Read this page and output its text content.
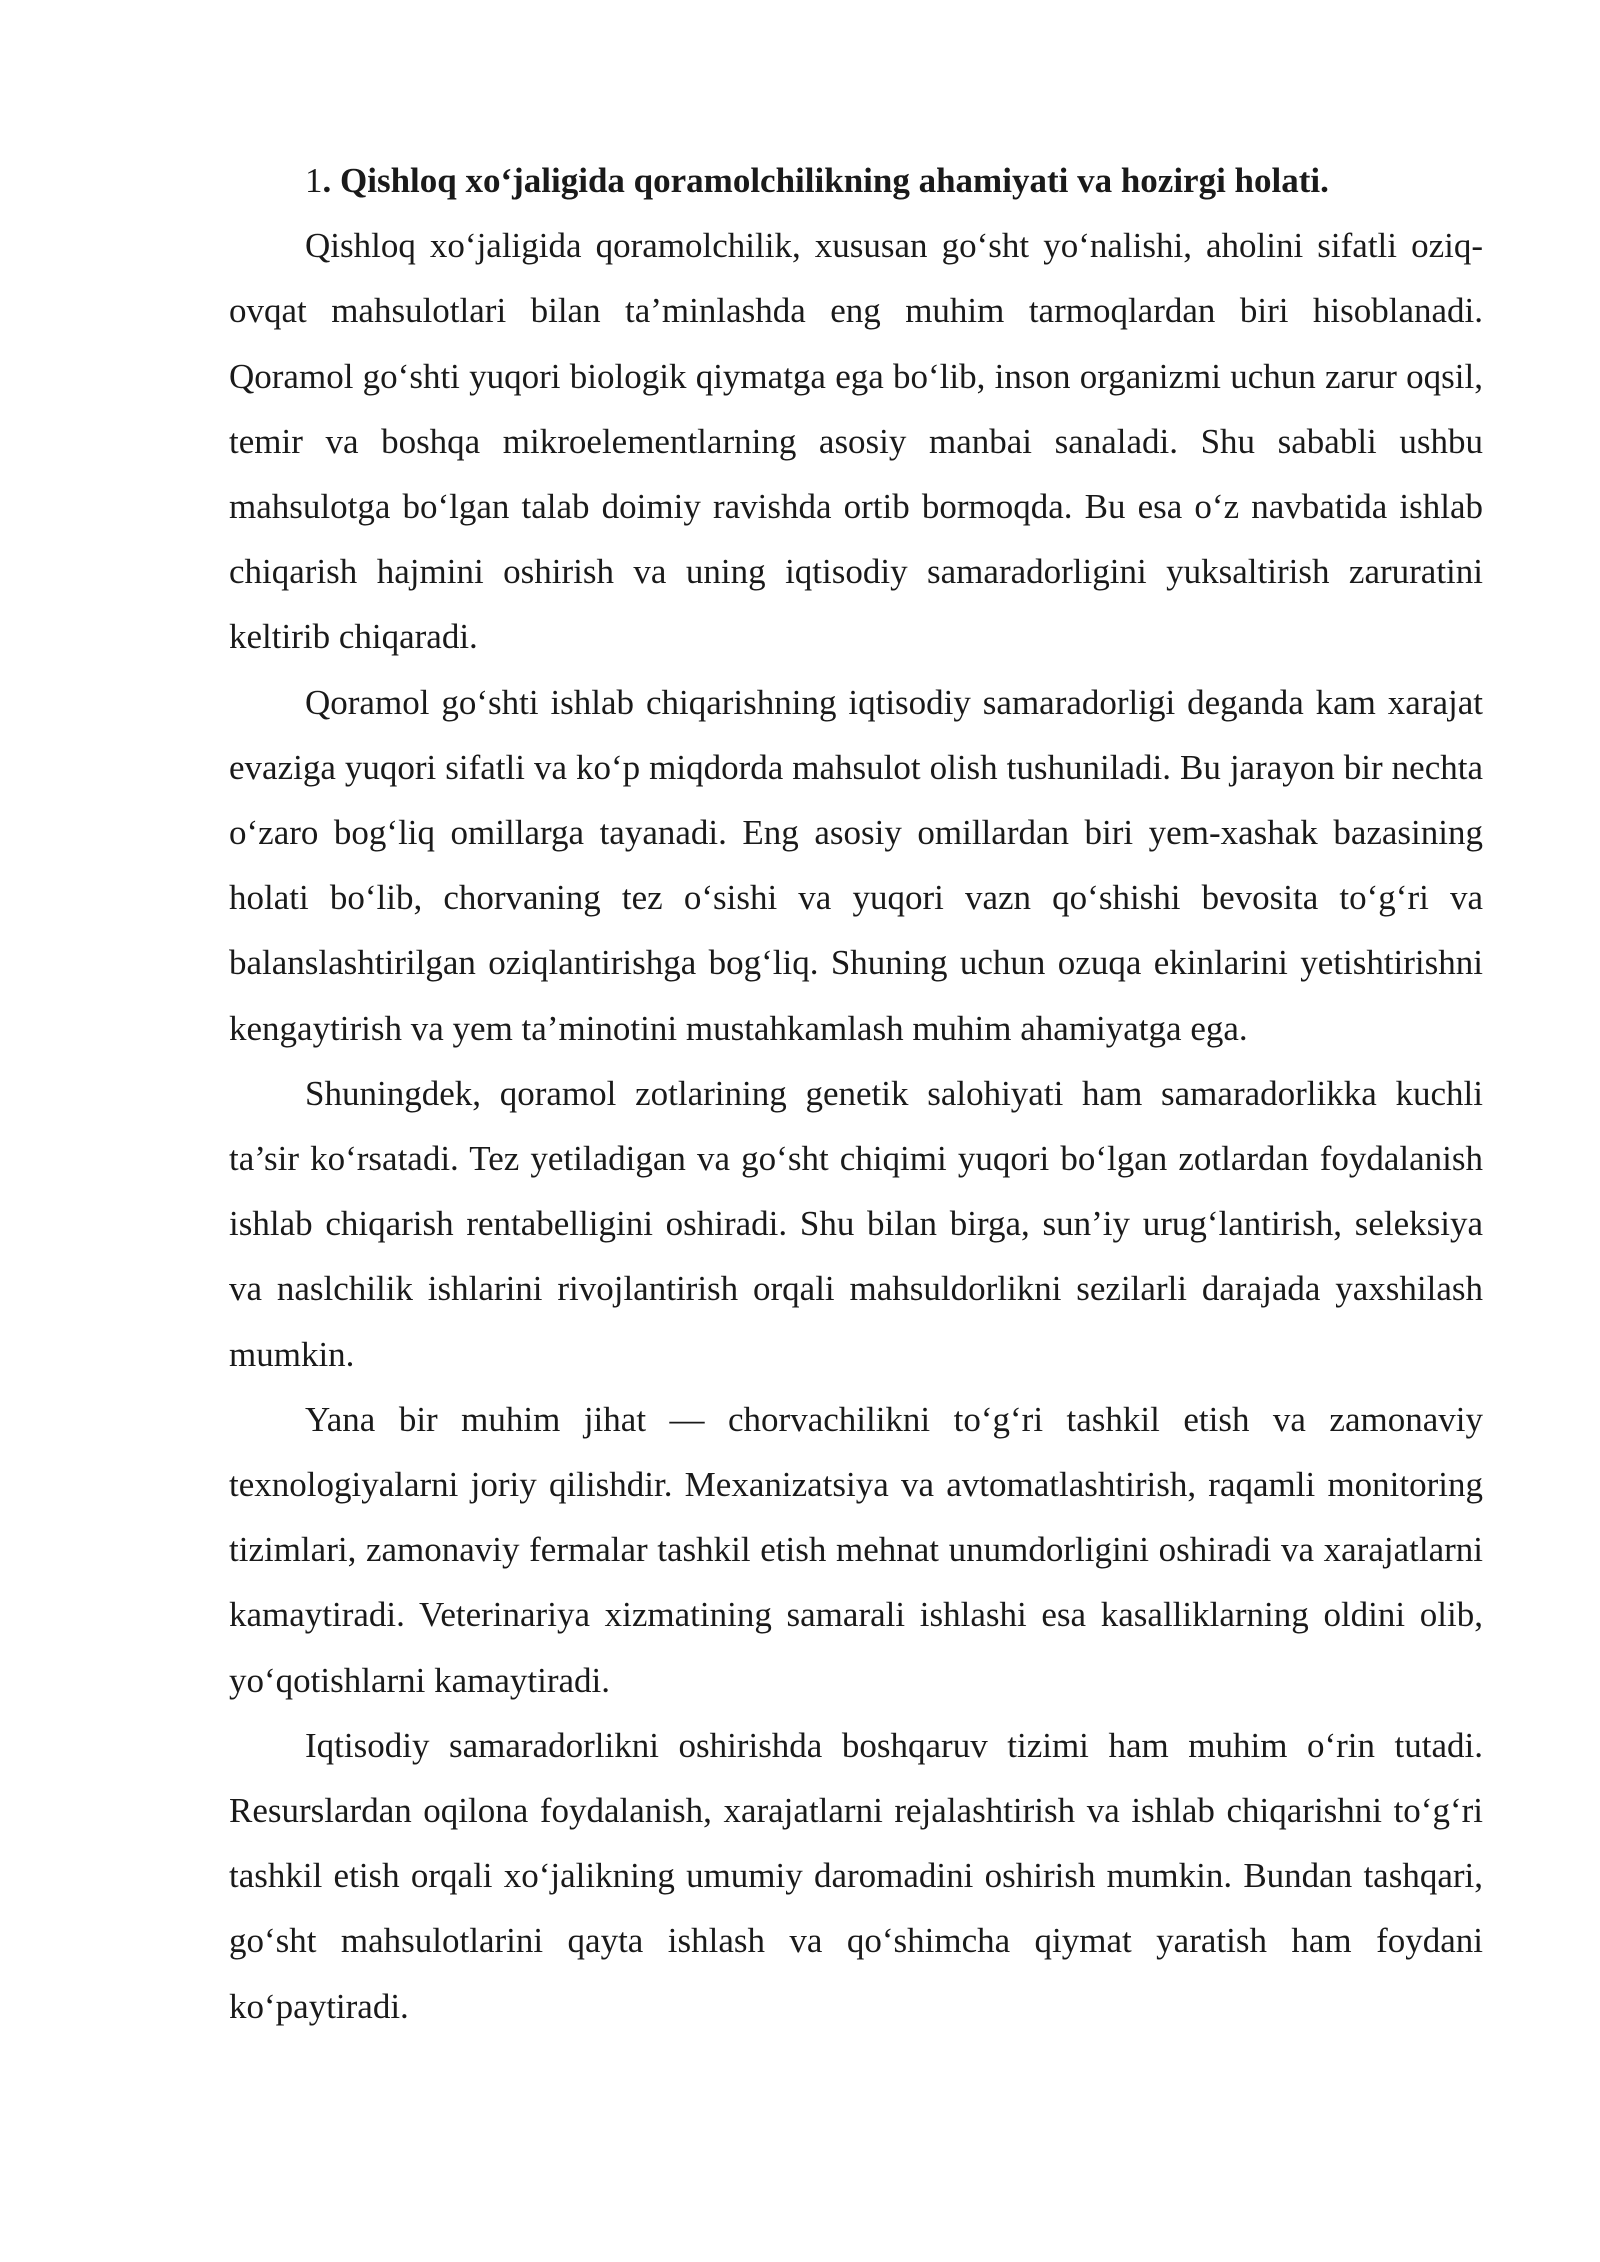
1. Qishloq xo‘jaligida qoramolchilikning ahamiyati va hozirgi holati.

Qishloq xo‘jaligida qoramolchilik, xususan go‘sht yo‘nalishi, aholini sifatli oziq-ovqat mahsulotlari bilan ta’minlashda eng muhim tarmoqlardan biri hisoblanadi. Qoramol go‘shti yuqori biologik qiymatga ega bo‘lib, inson organizmi uchun zarur oqsil, temir va boshqa mikroelementlarning asosiy manbai sanaladi. Shu sababli ushbu mahsulotga bo‘lgan talab doimiy ravishda ortib bormoqda. Bu esa o‘z navbatida ishlab chiqarish hajmini oshirish va uning iqtisodiy samaradorligini yuksaltirish zaruratini keltirib chiqaradi.

Qoramol go‘shti ishlab chiqarishning iqtisodiy samaradorligi deganda kam xarajat evaziga yuqori sifatli va ko‘p miqdorda mahsulot olish tushuniladi. Bu jarayon bir nechta o‘zaro bog‘liq omillarga tayanadi. Eng asosiy omillardan biri yem-xashak bazasining holati bo‘lib, chorvaning tez o‘sishi va yuqori vazn qo‘shishi bevosita to‘g‘ri va balanslashtirilgan oziqlantirishga bog‘liq. Shuning uchun ozuqa ekinlarini yetishtirishni kengaytirish va yem ta’minotini mustahkamlash muhim ahamiyatga ega.

Shuningdek, qoramol zotlarining genetik salohiyati ham samaradorlikka kuchli ta’sir ko‘rsatadi. Tez yetiladigan va go‘sht chiqimi yuqori bo‘lgan zotlardan foydalanish ishlab chiqarish rentabelligini oshiradi. Shu bilan birga, sun’iy urug‘lantirish, seleksiya va naslchilik ishlarini rivojlantirish orqali mahsuldorlikni sezilarli darajada yaxshilash mumkin.

Yana bir muhim jihat — chorvachilikni to‘g‘ri tashkil etish va zamonaviy texnologiyalarni joriy qilishdir. Mexanizatsiya va avtomatlashtirish, raqamli monitoring tizimlari, zamonaviy fermalar tashkil etish mehnat unumdorligini oshiradi va xarajatlarni kamaytiradi. Veterinariya xizmatining samarali ishlashi esa kasalliklarning oldini olib, yo‘qotishlarni kamaytiradi.

Iqtisodiy samaradorlikni oshirishda boshqaruv tizimi ham muhim o‘rin tutadi. Resurslardan oqilona foydalanish, xarajatlarni rejalashtirish va ishlab chiqarishni to‘g‘ri tashkil etish orqali xo‘jalikning umumiy daromadini oshirish mumkin. Bundan tashqari, go‘sht mahsulotlarini qayta ishlash va qo‘shimcha qiymat yaratish ham foydani ko‘paytiradi.
